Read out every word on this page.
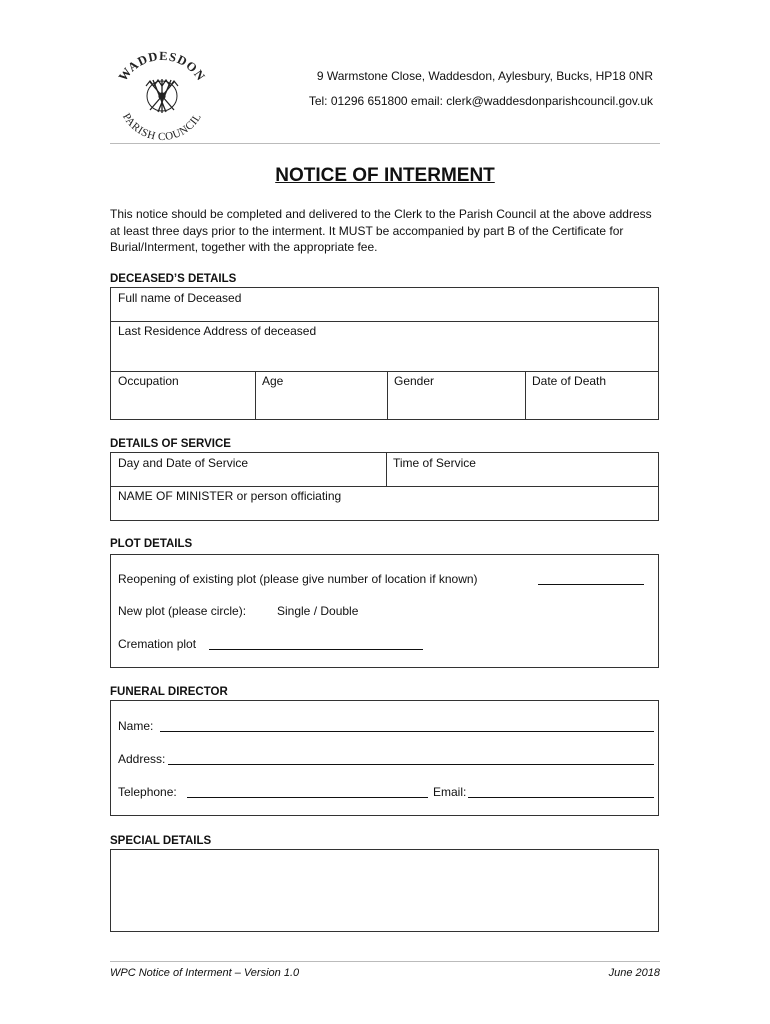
WADDESDON
PARISH COUNCIL
9 Warmstone Close, Waddesdon, Aylesbury, Bucks, HP18 0NR
Tel: 01296 651800 email: clerk@waddesdonparishcouncil.gov.uk
NOTICE OF INTERMENT
This notice should be completed and delivered to the Clerk to the Parish Council at the above address at least three days prior to the interment. It MUST be accompanied by part B of the Certificate for Burial/Interment, together with the appropriate fee.
DECEASED’S DETAILS
Full name of Deceased
Last Residence Address of deceased
Occupation	Age	Gender	Date of Death
DETAILS OF SERVICE
Day and Date of Service	Time of Service
NAME OF MINISTER or person officiating
PLOT DETAILS
Reopening of existing plot (please give number of location if known)
New plot (please circle):	Single / Double
Cremation plot
FUNERAL DIRECTOR
Name:
Address:
Telephone:	Email:
SPECIAL DETAILS
WPC Notice of Interment – Version 1.0	June 2018
